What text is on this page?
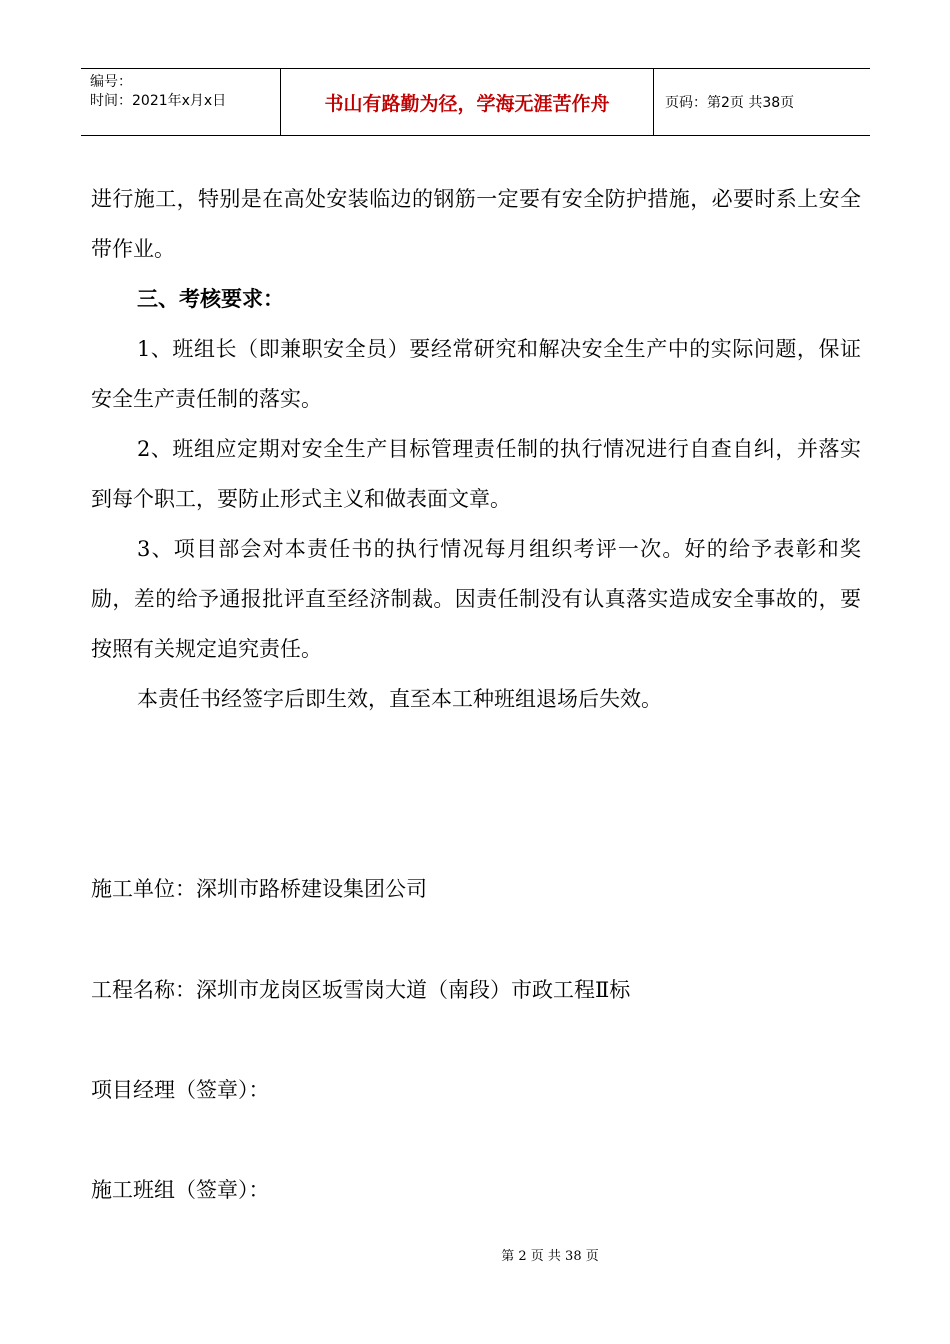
编号：
时间：2021年x月x日	书山有路勤为径，学海无涯苦作舟	页码：第2页 共38页

进行施工，特别是在高处安装临边的钢筋一定要有安全防护措施，必要时系上安全带作业。

三、考核要求：

1、班组长（即兼职安全员）要经常研究和解决安全生产中的实际问题，保证安全生产责任制的落实。

2、班组应定期对安全生产目标管理责任制的执行情况进行自查自纠，并落实到每个职工，要防止形式主义和做表面文章。

3、项目部会对本责任书的执行情况每月组织考评一次。好的给予表彰和奖励，差的给予通报批评直至经济制裁。因责任制没有认真落实造成安全事故的，要按照有关规定追究责任。

本责任书经签字后即生效，直至本工种班组退场后失效。

施工单位：深圳市路桥建设集团公司
工程名称：深圳市龙岗区坂雪岗大道（南段）市政工程Ⅱ标
项目经理（签章）：
施工班组（签章）：
第 2 页 共 38 页
